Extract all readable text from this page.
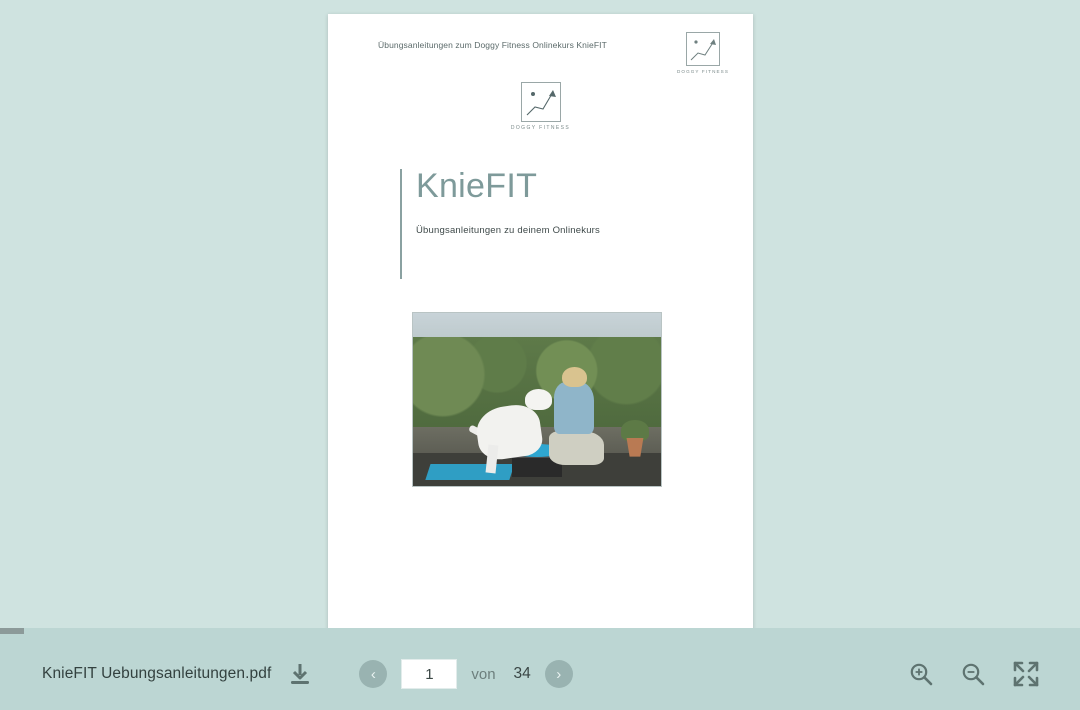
Übungsanleitungen zum Doggy Fitness Onlinekurs KnieFIT
DOGGY FITNESS
DOGGY FITNESS
KnieFIT
Übungsanleitungen zu deinem Onlinekurs
KnieFIT Uebungsanleitungen.pdf	‹
1	von 34	›
